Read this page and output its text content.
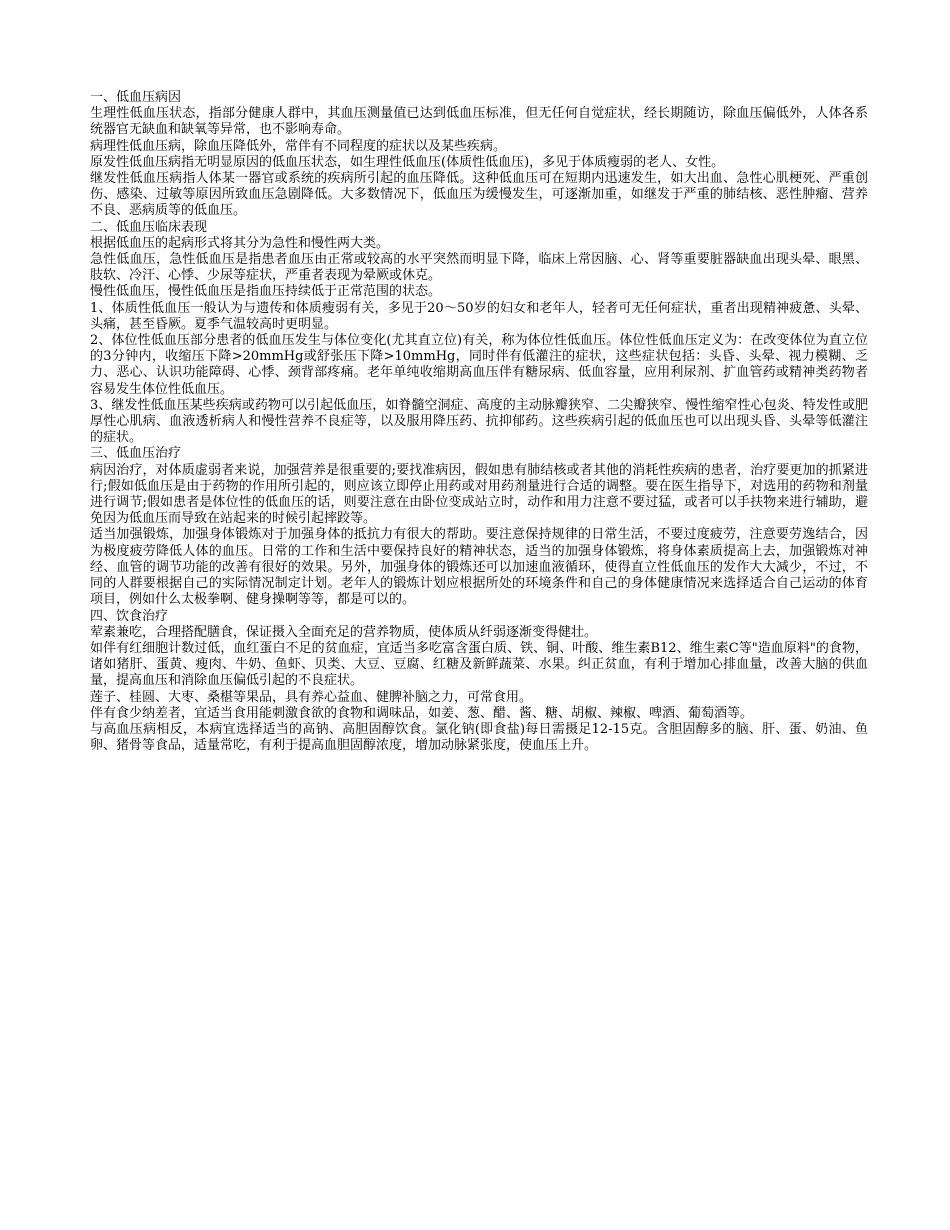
一、低血压病因

生理性低血压状态，指部分健康人群中，其血压测量值已达到低血压标准，但无任何自觉症状，经长期随访，除血压偏低外，人体各系统器官无缺血和缺氧等异常，也不影响寿命。

病理性低血压病，除血压降低外，常伴有不同程度的症状以及某些疾病。

原发性低血压病指无明显原因的低血压状态，如生理性低血压(体质性低血压)，多见于体质瘦弱的老人、女性。

继发性低血压病指人体某一器官或系统的疾病所引起的血压降低。这种低血压可在短期内迅速发生，如大出血、急性心肌梗死、严重创伤、感染、过敏等原因所致血压急剧降低。大多数情况下，低血压为缓慢发生，可逐渐加重，如继发于严重的肺结核、恶性肿瘤、营养不良、恶病质等的低血压。

二、低血压临床表现

根据低血压的起病形式将其分为急性和慢性两大类。

急性低血压，急性低血压是指患者血压由正常或较高的水平突然而明显下降，临床上常因脑、心、肾等重要脏器缺血出现头晕、眼黑、肢软、冷汗、心悸、少尿等症状，严重者表现为晕厥或休克。

慢性低血压，慢性低血压是指血压持续低于正常范围的状态。

1、体质性低血压一般认为与遗传和体质瘦弱有关，多见于20～50岁的妇女和老年人，轻者可无任何症状，重者出现精神疲惫、头晕、头痛，甚至昏厥。夏季气温较高时更明显。

2、体位性低血压部分患者的低血压发生与体位变化(尤其直立位)有关，称为体位性低血压。体位性低血压定义为：在改变体位为直立位的3分钟内，收缩压下降>20mmHg或舒张压下降>10mmHg，同时伴有低灌注的症状，这些症状包括：头昏、头晕、视力模糊、乏力、恶心、认识功能障碍、心悸、颈背部疼痛。老年单纯收缩期高血压伴有糖尿病、低血容量，应用利尿剂、扩血管药或精神类药物者容易发生体位性低血压。

3、继发性低血压某些疾病或药物可以引起低血压，如脊髓空洞症、高度的主动脉瓣狭窄、二尖瓣狭窄、慢性缩窄性心包炎、特发性或肥厚性心肌病、血液透析病人和慢性营养不良症等，以及服用降压药、抗抑郁药。这些疾病引起的低血压也可以出现头昏、头晕等低灌注的症状。

三、低血压治疗

病因治疗，对体质虚弱者来说，加强营养是很重要的;要找准病因，假如患有肺结核或者其他的消耗性疾病的患者，治疗要更加的抓紧进行;假如低血压是由于药物的作用所引起的，则应该立即停止用药或对用药剂量进行合适的调整。要在医生指导下，对选用的药物和剂量进行调节;假如患者是体位性的低血压的话，则要注意在由卧位变成站立时，动作和用力注意不要过猛，或者可以手扶物来进行辅助，避免因为低血压而导致在站起来的时候引起摔跤等。

适当加强锻炼，加强身体锻炼对于加强身体的抵抗力有很大的帮助。要注意保持规律的日常生活，不要过度疲劳，注意要劳逸结合，因为极度疲劳降低人体的血压。日常的工作和生活中要保持良好的精神状态，适当的加强身体锻炼，将身体素质提高上去，加强锻炼对神经、血管的调节功能的改善有很好的效果。另外，加强身体的锻炼还可以加速血液循环，使得直立性低血压的发作大大减少，不过，不同的人群要根据自己的实际情况制定计划。老年人的锻炼计划应根据所处的环境条件和自己的身体健康情况来选择适合自己运动的体育项目，例如什么太极拳啊、健身操啊等等，都是可以的。

四、饮食治疗

荤素兼吃，合理搭配膳食，保证摄入全面充足的营养物质，使体质从纤弱逐渐变得健壮。

如伴有红细胞计数过低，血红蛋白不足的贫血症，宜适当多吃富含蛋白质、铁、铜、叶酸、维生素B12、维生素C等"造血原料"的食物，诸如猪肝、蛋黄、瘦肉、牛奶、鱼虾、贝类、大豆、豆腐、红糖及新鲜蔬菜、水果。纠正贫血，有利于增加心排血量，改善大脑的供血量，提高血压和消除血压偏低引起的不良症状。

莲子、桂圆、大枣、桑椹等果品，具有养心益血、健脾补脑之力，可常食用。

伴有食少纳差者，宜适当食用能刺激食欲的食物和调味品，如姜、葱、醋、酱、糖、胡椒、辣椒、啤酒、葡萄酒等。

与高血压病相反，本病宜选择适当的高钠、高胆固醇饮食。氯化钠(即食盐)每日需摄足12-15克。含胆固醇多的脑、肝、蛋、奶油、鱼卵、猪骨等食品，适量常吃，有利于提高血胆固醇浓度，增加动脉紧张度，使血压上升。
